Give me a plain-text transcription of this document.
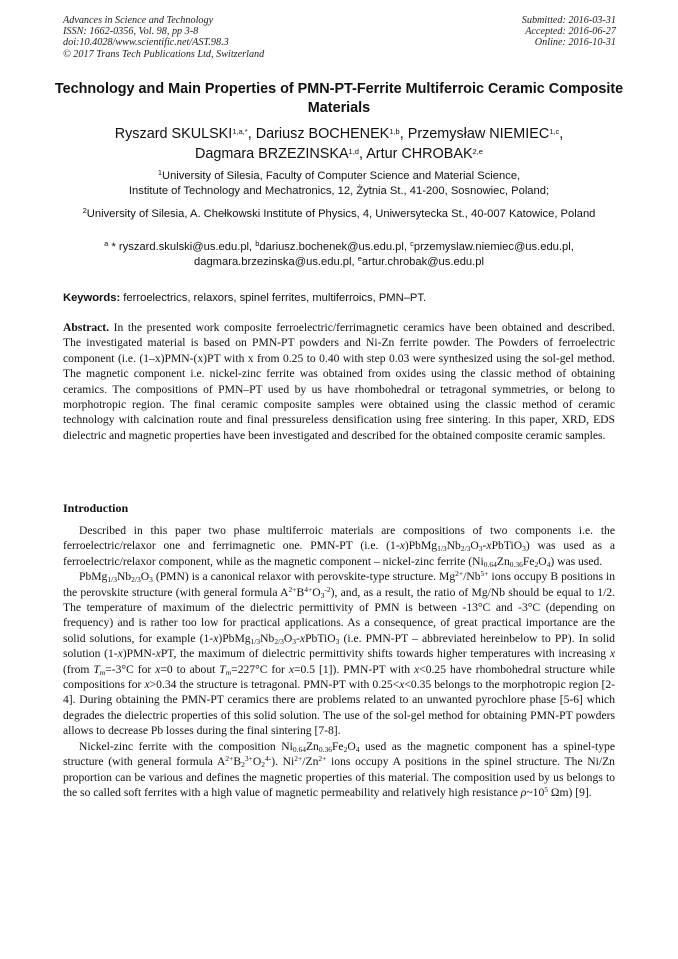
Advances in Science and Technology
ISSN: 1662-0356, Vol. 98, pp 3-8
doi:10.4028/www.scientific.net/AST.98.3
© 2017 Trans Tech Publications Ltd, Switzerland
Submitted: 2016-03-31
Accepted: 2016-06-27
Online: 2016-10-31
Technology and Main Properties of PMN-PT-Ferrite Multiferroic Ceramic Composite Materials
Ryszard $SKULSKI^{1,a,*}$, Dariusz BOCHENEK$^{1,b}$, Przemysław NIEMIEC$^{1,c}$,
Dagmara BRZEZINSKA$^{1,d}$, Artur CHROBAK$^{2,e}$
$^1$University of Silesia, Faculty of Computer Science and Material Science,
Institute of Technology and Mechatronics, 12, Żytnia St., 41-200, Sosnowiec, Poland;
$^2$University of Silesia, A. Chełkowski Institute of Physics, 4, Uniwersytecka St., 40-007 Katowice, Poland
$^a$ * ryszard.skulski@us.edu.pl, $^b$dariusz.bochenek@us.edu.pl, $^c$przemyslaw.niemiec@us.edu.pl,
dagmara.brzezinska@us.edu.pl, $^e$artur.chrobak@us.edu.pl
Keywords: ferroelectrics, relaxors, spinel ferrites, multiferroics, PMN–PT.
Abstract. In the presented work composite ferroelectric/ferrimagnetic ceramics have been obtained and described. The investigated material is based on PMN-PT powders and Ni-Zn ferrite powder. The Powders of ferroelectric component (i.e. (1–x)PMN-(x)PT with x from 0.25 to 0.40 with step 0.03 were synthesized using the sol-gel method. The magnetic component i.e. nickel-zinc ferrite was obtained from oxides using the classic method of obtaining ceramics. The compositions of PMN–PT used by us have rhombohedral or tetragonal symmetries, or belong to morphotropic region. The final ceramic composite samples were obtained using the classic method of ceramic technology with calcination route and final pressureless densification using free sintering. In this paper, XRD, EDS dielectric and magnetic properties have been investigated and described for the obtained composite ceramic samples.
Introduction

Described in this paper two phase multiferroic materials are compositions of two components i.e. the ferroelectric/relaxor one and ferrimagnetic one. PMN-PT (i.e. $(1-x)PbMg_{1/3}Nb_{2/3}O_3-xPbTiO_3$) was used as a ferroelectric/relaxor component, while as the magnetic component – nickel-zinc ferrite $(Ni_{0.64}Zn_{0.36}Fe_2O_4)$ was used.

$PbMg_{1/3}Nb_{2/3}O_3$ (PMN) is a canonical relaxor with perovskite-type structure. $Mg^{2+}/Nb^{5+}$ ions occupy B positions in the perovskite structure (with general formula $A^{2+}B^{4+}O_3^{-2}$), and, as a result, the ratio of Mg/Nb should be equal to 1/2. The temperature of maximum of the dielectric permittivity of PMN is between -13°C and -3°C (depending on frequency) and is rather too low for practical applications. As a consequence, of great practical importance are the solid solutions, for example $(1-x)PbMg_{1/3}Nb_{2/3}O_3-xPbTiO_3$ (i.e. PMN-PT – abbreviated hereinbelow to PP). In solid solution (1-x)PMN-xPT, the maximum of dielectric permittivity shifts towards higher temperatures with increasing x (from $T_m=-3^\circ C$ for x=0 to about $T_m=227^\circ C$ for x=0.5 [1]). PMN-PT with x<0.25 have rhombohedral structure while compositions for x>0.34 the structure is tetragonal. PMN-PT with 0.25<x<0.35 belongs to the morphotropic region [2-4]. During obtaining the PMN-PT ceramics there are problems related to an unwanted pyrochlore phase [5-6] which degrades the dielectric properties of this solid solution. The use of the sol-gel method for obtaining PMN-PT powders allows to decrease Pb losses during the final sintering [7-8].

Nickel-zinc ferrite with the composition $Ni_{0.64}Zn_{0.36}Fe_2O_4$ used as the magnetic component has a spinel-type structure (with general formula $A^{2+}B_2^{3+}O_2^{4-}$). $Ni^{2+}/Zn^{2+}$ ions occupy A positions in the spinel structure. The Ni/Zn proportion can be various and defines the magnetic properties of this material. The composition used by us belongs to the so called soft ferrites with a high value of magnetic permeability and relatively high resistance $\rho\sim 10^5$ Ωm) [9].
